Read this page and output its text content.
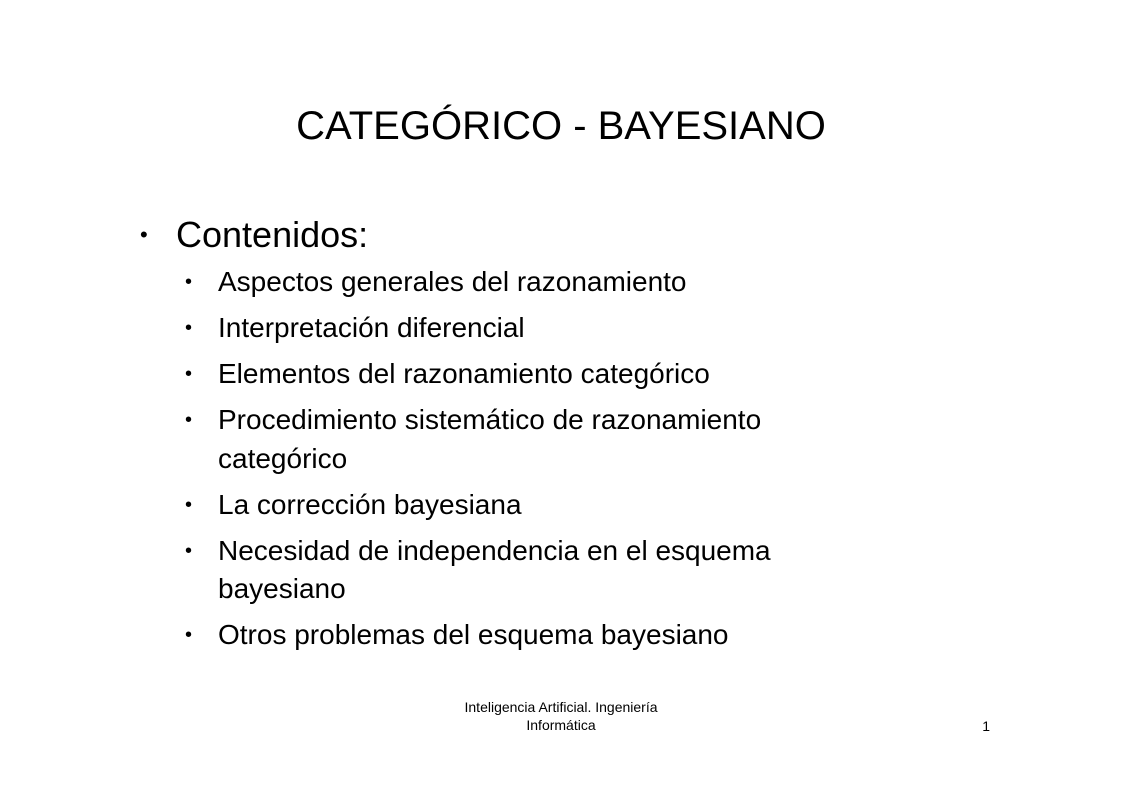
CATEGÓRICO - BAYESIANO
• Contenidos:
• Aspectos generales del razonamiento
• Interpretación diferencial
• Elementos del razonamiento categórico
• Procedimiento sistemático de razonamiento categórico
• La corrección bayesiana
• Necesidad de independencia en el esquema bayesiano
• Otros problemas del esquema bayesiano
Inteligencia Artificial. Ingeniería
Informática	1
